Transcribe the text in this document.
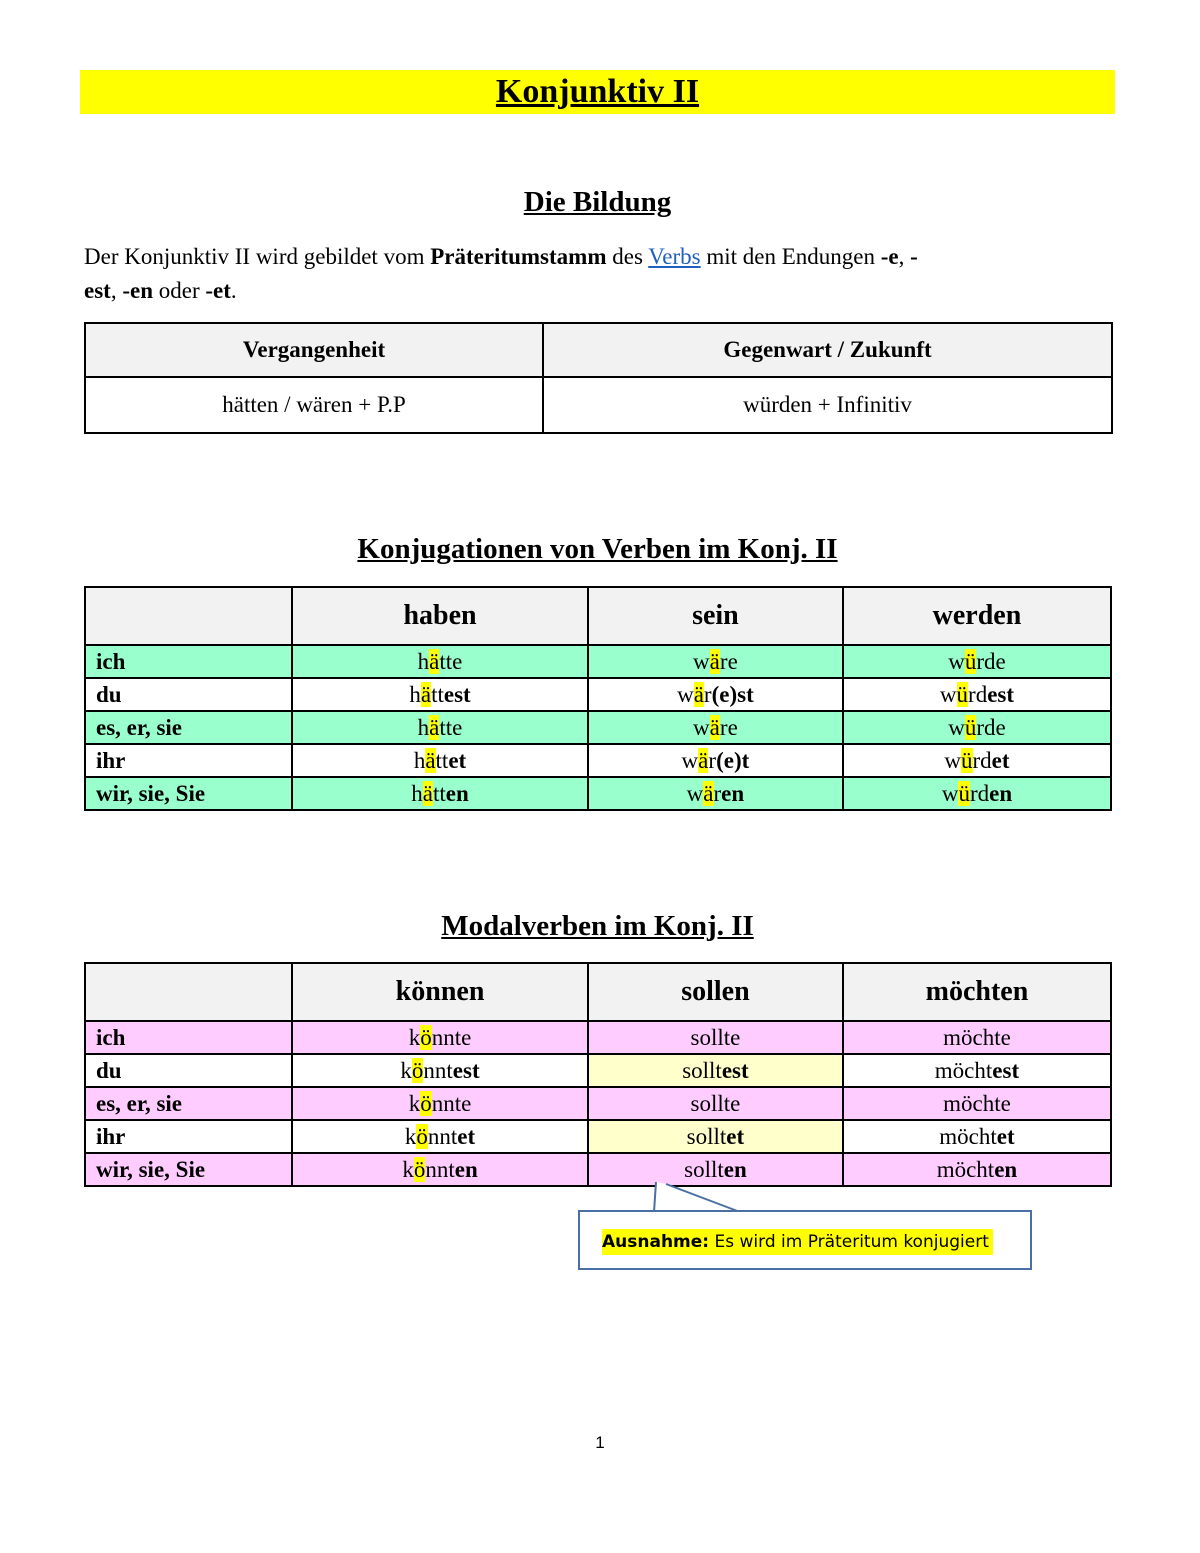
Konjunktiv II
Die Bildung
Der Konjunktiv II wird gebildet vom Präteritumstamm des Verbs mit den Endungen -e, -
est, -en oder -et.
Vergangenheit	Gegenwart / Zukunft
hätten / wären + P.P	würden + Infinitiv
Konjugationen von Verben im Konj. II
	haben	sein	werden
ich	hätte	wäre	würde
du	hättest	wär(e)st	würdest
es, er, sie	hätte	wäre	würde
ihr	hättet	wär(e)t	würdet
wir, sie, Sie	hätten	wären	würden
Modalverben im Konj. II
	können	sollen	möchten
ich	könnte	sollte	möchte
du	könntest	solltest	möchtest
es, er, sie	könnte	sollte	möchte
ihr	könntet	solltet	möchtet
wir, sie, Sie	könnten	sollten	möchten
Ausnahme: Es wird im Präteritum konjugiert
1
